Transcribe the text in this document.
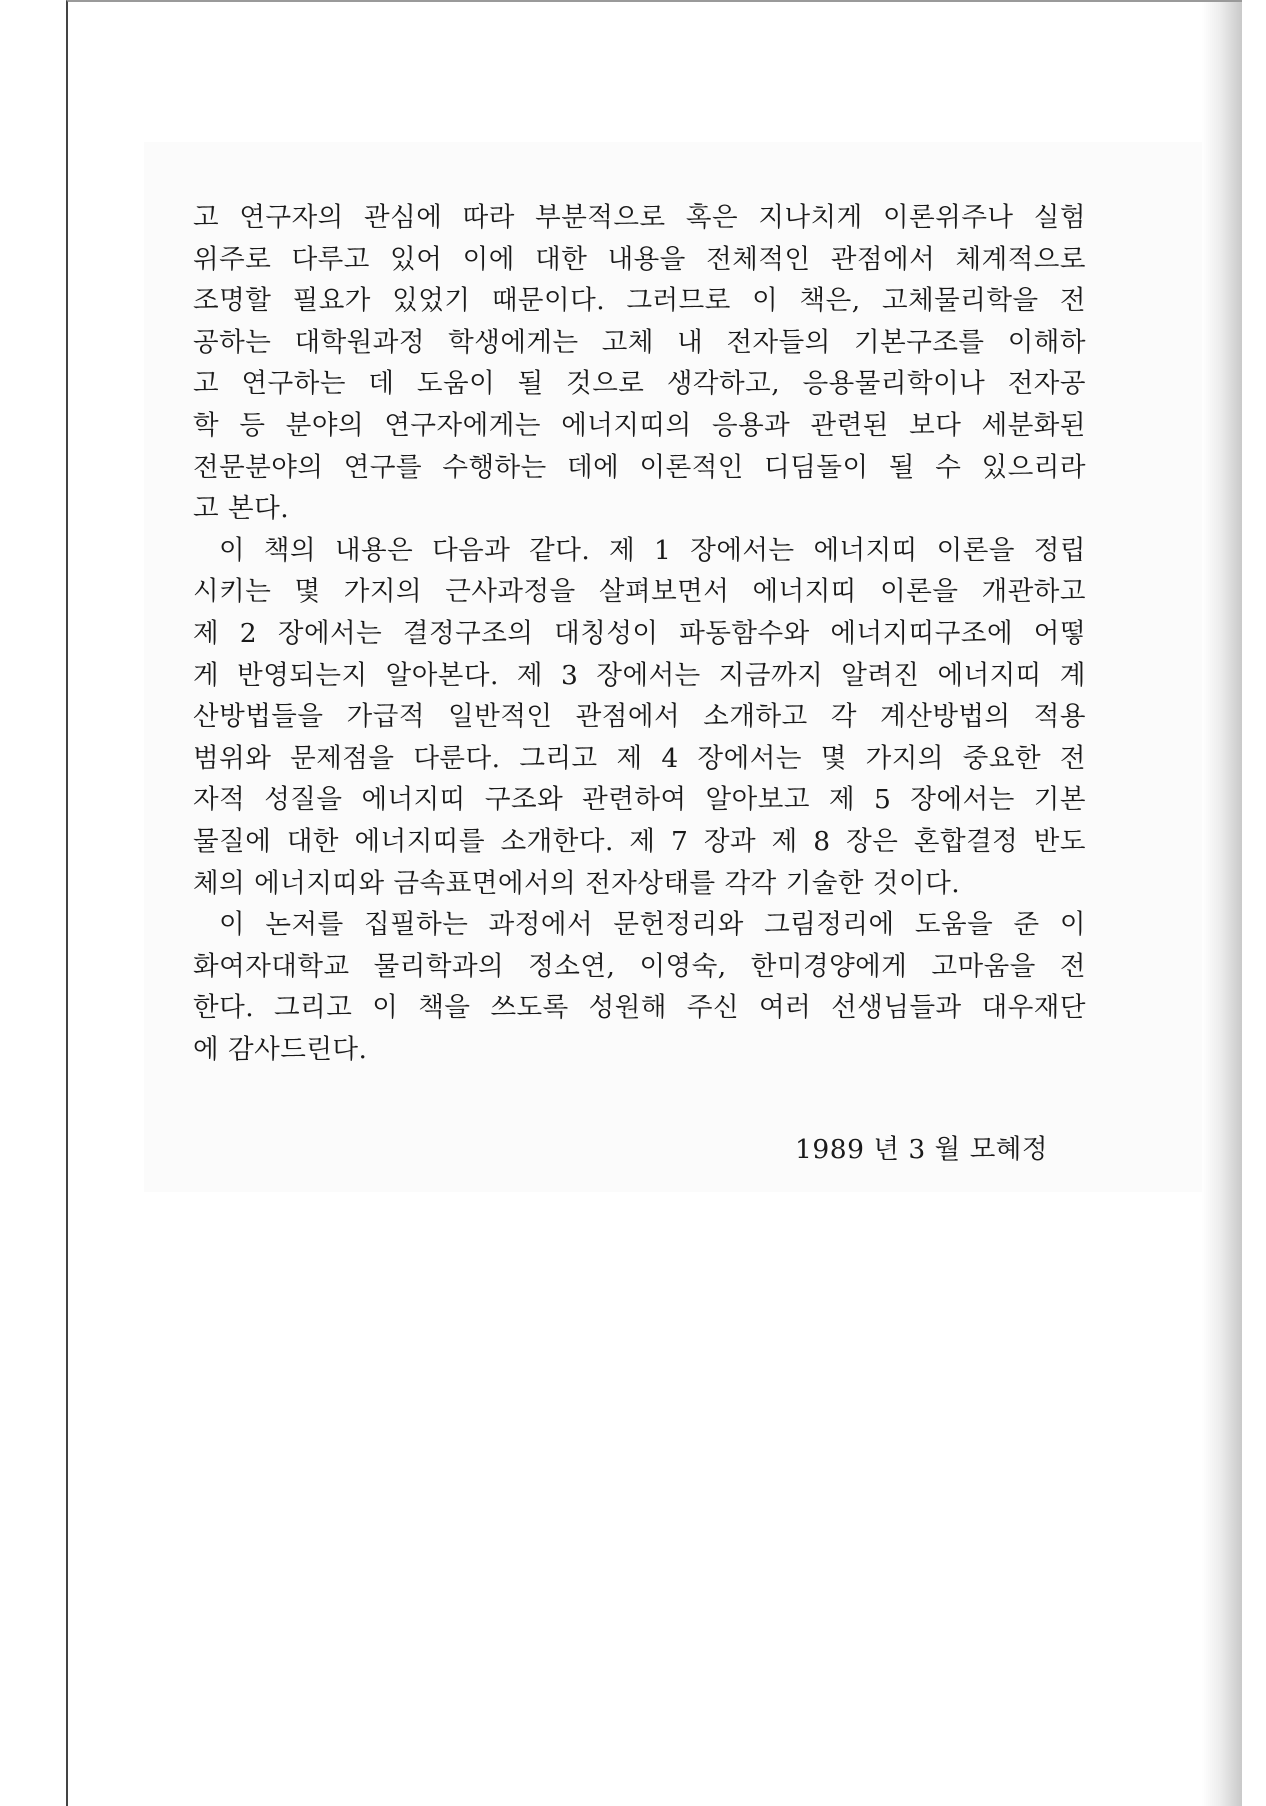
고 연구자의 관심에 따라 부분적으로 혹은 지나치게 이론위주나 실험
위주로 다루고 있어 이에 대한 내용을 전체적인 관점에서 체계적으로
조명할 필요가 있었기 때문이다. 그러므로 이 책은, 고체물리학을 전
공하는 대학원과정 학생에게는 고체 내 전자들의 기본구조를 이해하
고 연구하는 데 도움이 될 것으로 생각하고, 응용물리학이나 전자공
학 등 분야의 연구자에게는 에너지띠의 응용과 관련된 보다 세분화된
전문분야의 연구를 수행하는 데에 이론적인 디딤돌이 될 수 있으리라
고 본다.
이 책의 내용은 다음과 같다. 제 1 장에서는 에너지띠 이론을 정립
시키는 몇 가지의 근사과정을 살펴보면서 에너지띠 이론을 개관하고
제 2 장에서는 결정구조의 대칭성이 파동함수와 에너지띠구조에 어떻
게 반영되는지 알아본다. 제 3 장에서는 지금까지 알려진 에너지띠 계
산방법들을 가급적 일반적인 관점에서 소개하고 각 계산방법의 적용
범위와 문제점을 다룬다. 그리고 제 4 장에서는 몇 가지의 중요한 전
자적 성질을 에너지띠 구조와 관련하여 알아보고 제 5 장에서는 기본
물질에 대한 에너지띠를 소개한다. 제 7 장과 제 8 장은 혼합결정 반도
체의 에너지띠와 금속표면에서의 전자상태를 각각 기술한 것이다.
이 논저를 집필하는 과정에서 문헌정리와 그림정리에 도움을 준 이
화여자대학교 물리학과의 정소연, 이영숙, 한미경양에게 고마움을 전
한다. 그리고 이 책을 쓰도록 성원해 주신 여러 선생님들과 대우재단
에 감사드린다.
1989 년 3 월 모혜정
